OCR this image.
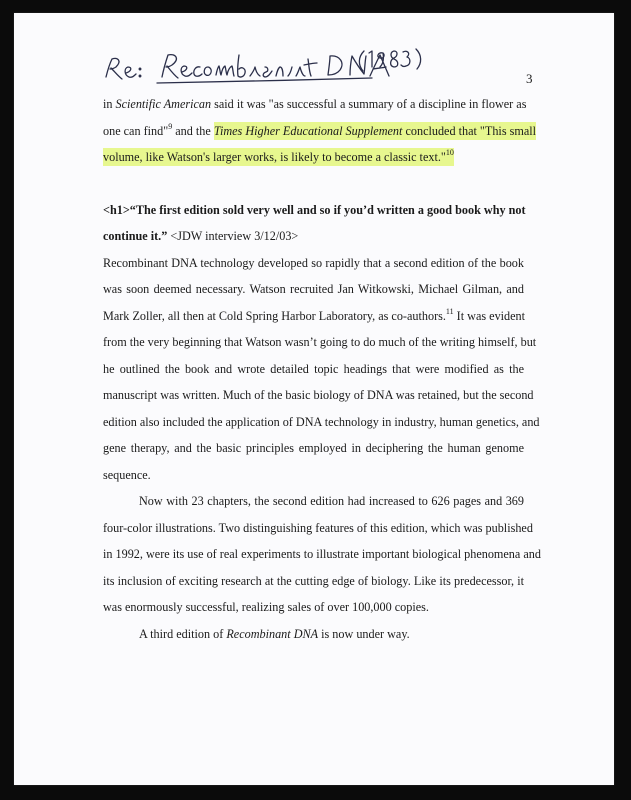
3
in Scientific American said it was "as successful a summary of a discipline in flower as
one can find"$^9$ and the Times Higher Educational Supplement concluded that "This small
volume, like Watson's larger works, is likely to become a classic text."$^{10}$
<h1>“The first edition sold very well and so if you’d written a good book why not
continue it.” <JDW interview 3/12/03>
Recombinant DNA technology developed so rapidly that a second edition of the book
was soon deemed necessary. Watson recruited Jan Witkowski, Michael Gilman, and
Mark Zoller, all then at Cold Spring Harbor Laboratory, as co-authors.$^{11}$ It was evident
from the very beginning that Watson wasn’t going to do much of the writing himself, but
he outlined the book and wrote detailed topic headings that were modified as the
manuscript was written. Much of the basic biology of DNA was retained, but the second
edition also included the application of DNA technology in industry, human genetics, and
gene therapy, and the basic principles employed in deciphering the human genome
sequence.
Now with 23 chapters, the second edition had increased to 626 pages and 369
four-color illustrations. Two distinguishing features of this edition, which was published
in 1992, were its use of real experiments to illustrate important biological phenomena and
its inclusion of exciting research at the cutting edge of biology. Like its predecessor, it
was enormously successful, realizing sales of over 100,000 copies.
A third edition of Recombinant DNA is now under way.
